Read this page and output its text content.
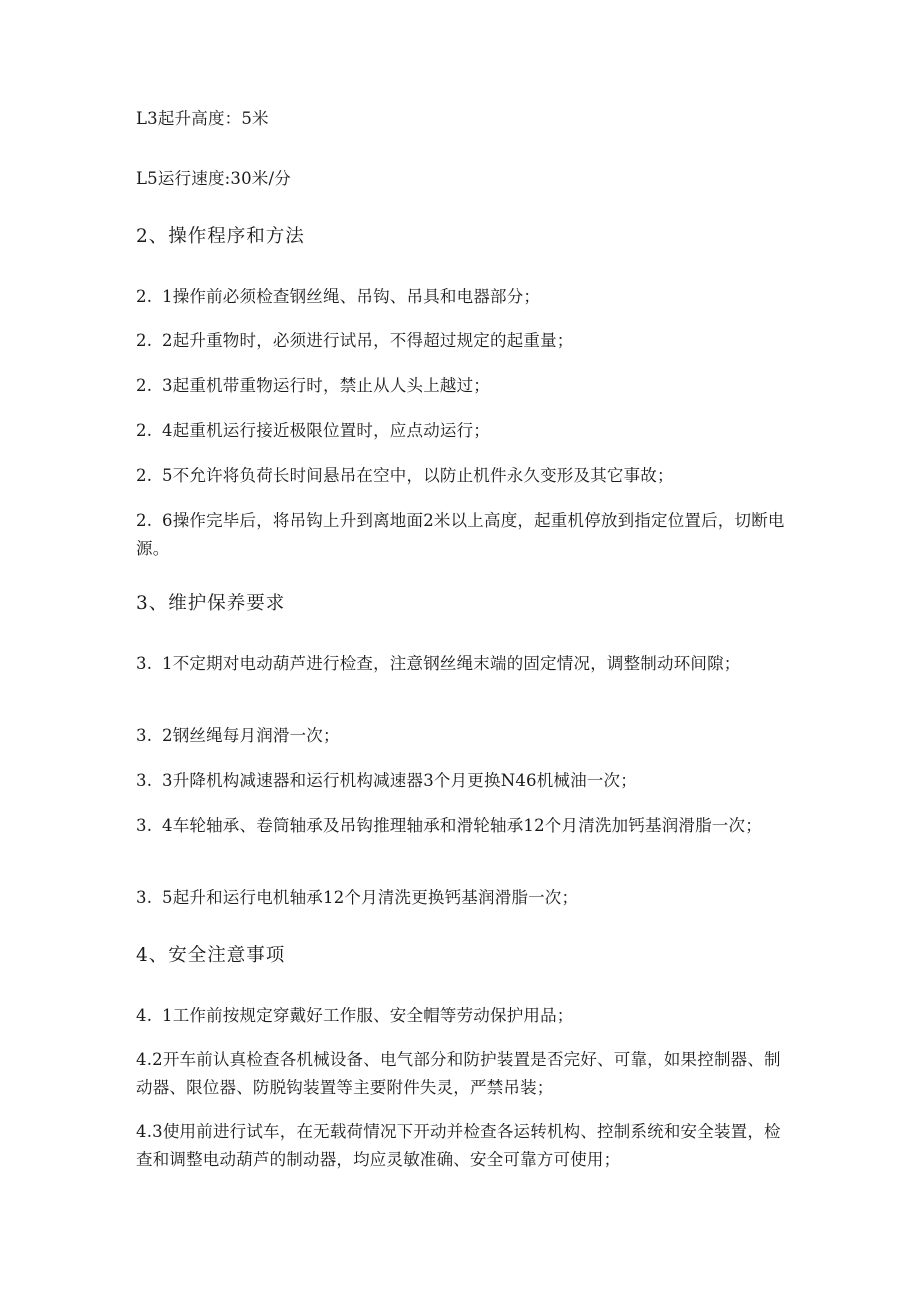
L3起升高度：5米
L5运行速度:30米/分
2、操作程序和方法
2. 1操作前必须检查钢丝绳、吊钩、吊具和电器部分；
2. 2起升重物时，必须进行试吊，不得超过规定的起重量；
2. 3起重机带重物运行时，禁止从人头上越过；
2. 4起重机运行接近极限位置时，应点动运行；
2. 5不允许将负荷长时间悬吊在空中，以防止机件永久变形及其它事故；
2. 6操作完毕后，将吊钩上升到离地面2米以上高度，起重机停放到指定位置后，切断电源。
3、维护保养要求
3. 1不定期对电动葫芦进行检查，注意钢丝绳末端的固定情况，调整制动环间隙；
3. 2钢丝绳每月润滑一次；
3. 3升降机构减速器和运行机构减速器3个月更换N46机械油一次；
3. 4车轮轴承、卷筒轴承及吊钩推理轴承和滑轮轴承12个月清洗加钙基润滑脂一次；
3. 5起升和运行电机轴承12个月清洗更换钙基润滑脂一次；
4、安全注意事项
4. 1工作前按规定穿戴好工作服、安全帽等劳动保护用品；
4.2开车前认真检查各机械设备、电气部分和防护装置是否完好、可靠，如果控制器、制动器、限位器、防脱钩装置等主要附件失灵，严禁吊装；
4.3使用前进行试车，在无载荷情况下开动并检查各运转机构、控制系统和安全装置，检查和调整电动葫芦的制动器，均应灵敏准确、安全可靠方可使用；
